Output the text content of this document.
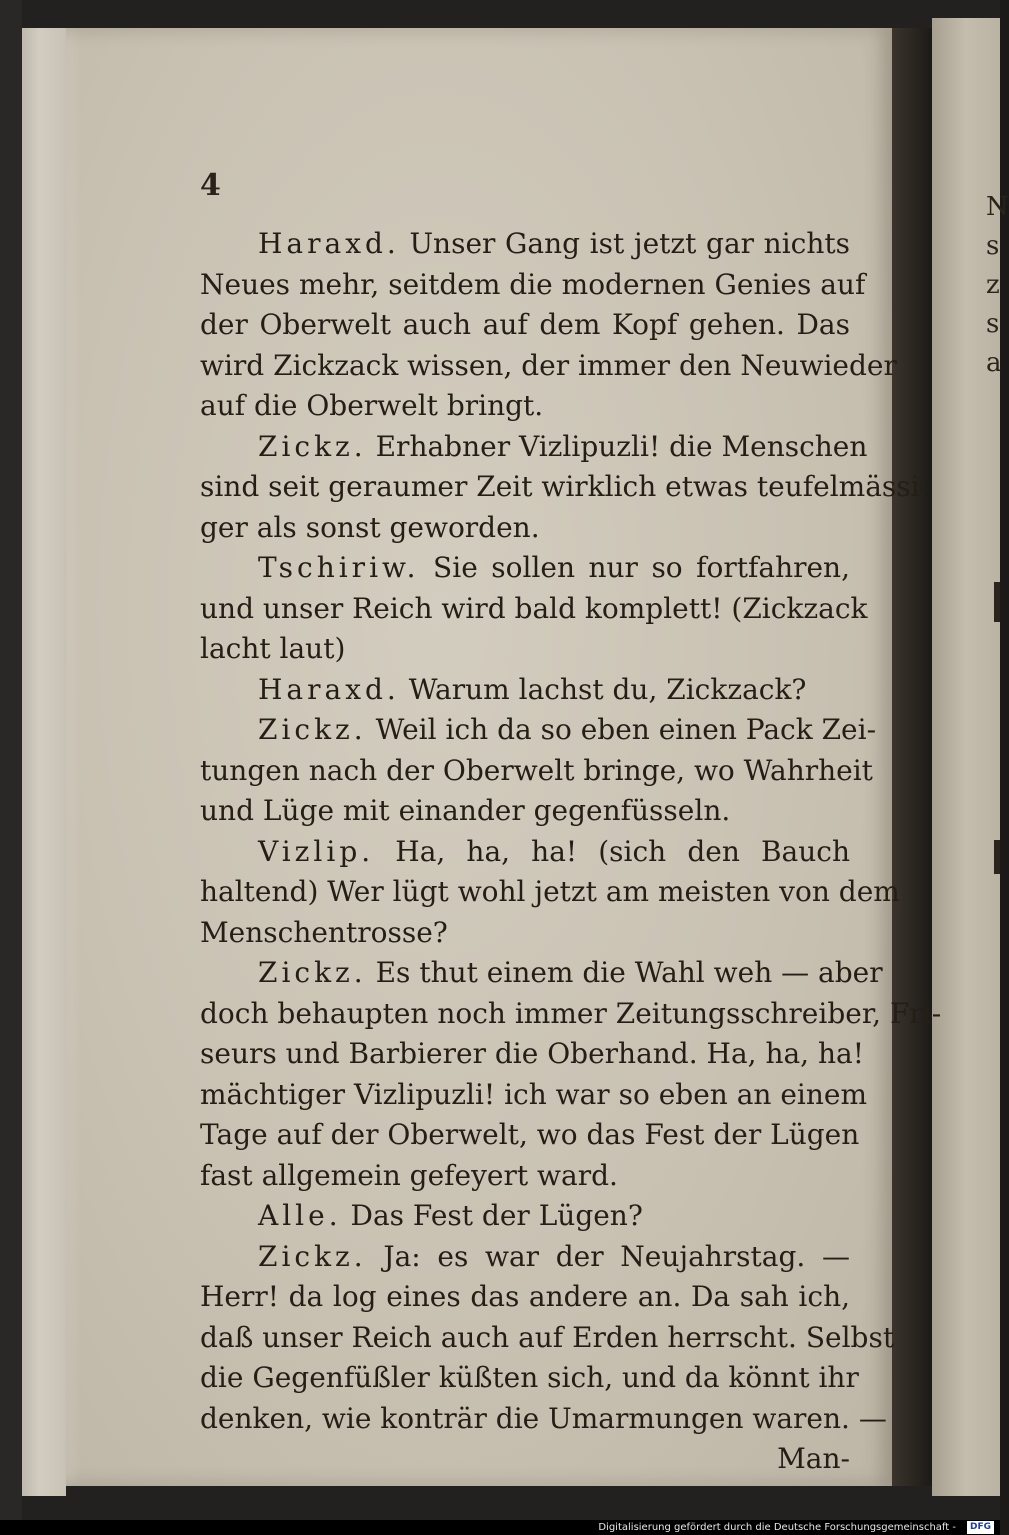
N
s
z
s
a
4
Haraxd. Unser Gang ist jetzt gar nichts
Neues mehr, seitdem die modernen Genies auf
der Oberwelt auch auf dem Kopf gehen. Das
wird Zickzack wissen, der immer den Neuwieder
auf die Oberwelt bringt.
Zickz. Erhabner Vizlipuzli! die Menschen
sind seit geraumer Zeit wirklich etwas teufelmässi-
ger als sonst geworden.
Tschiriw. Sie sollen nur so fortfahren,
und unser Reich wird bald komplett! (Zickzack
lacht laut)
Haraxd. Warum lachst du, Zickzack?
Zickz. Weil ich da so eben einen Pack Zei-
tungen nach der Oberwelt bringe, wo Wahrheit
und Lüge mit einander gegenfüsseln.
Vizlip. Ha, ha, ha! (sich den Bauch
haltend) Wer lügt wohl jetzt am meisten von dem
Menschentrosse?
Zickz. Es thut einem die Wahl weh — aber
doch behaupten noch immer Zeitungsschreiber, Fri-
seurs und Barbierer die Oberhand. Ha, ha, ha!
mächtiger Vizlipuzli! ich war so eben an einem
Tage auf der Oberwelt, wo das Fest der Lügen
fast allgemein gefeyert ward.
Alle. Das Fest der Lügen?
Zickz. Ja: es war der Neujahrstag. —
Herr! da log eines das andere an. Da sah ich,
daß unser Reich auch auf Erden herrscht. Selbst
die Gegenfüßler küßten sich, und da könnt ihr
denken, wie konträr die Umarmungen waren. —
Man-
Digitalisierung gefördert durch die Deutsche Forschungsgemeinschaft -	DFG
